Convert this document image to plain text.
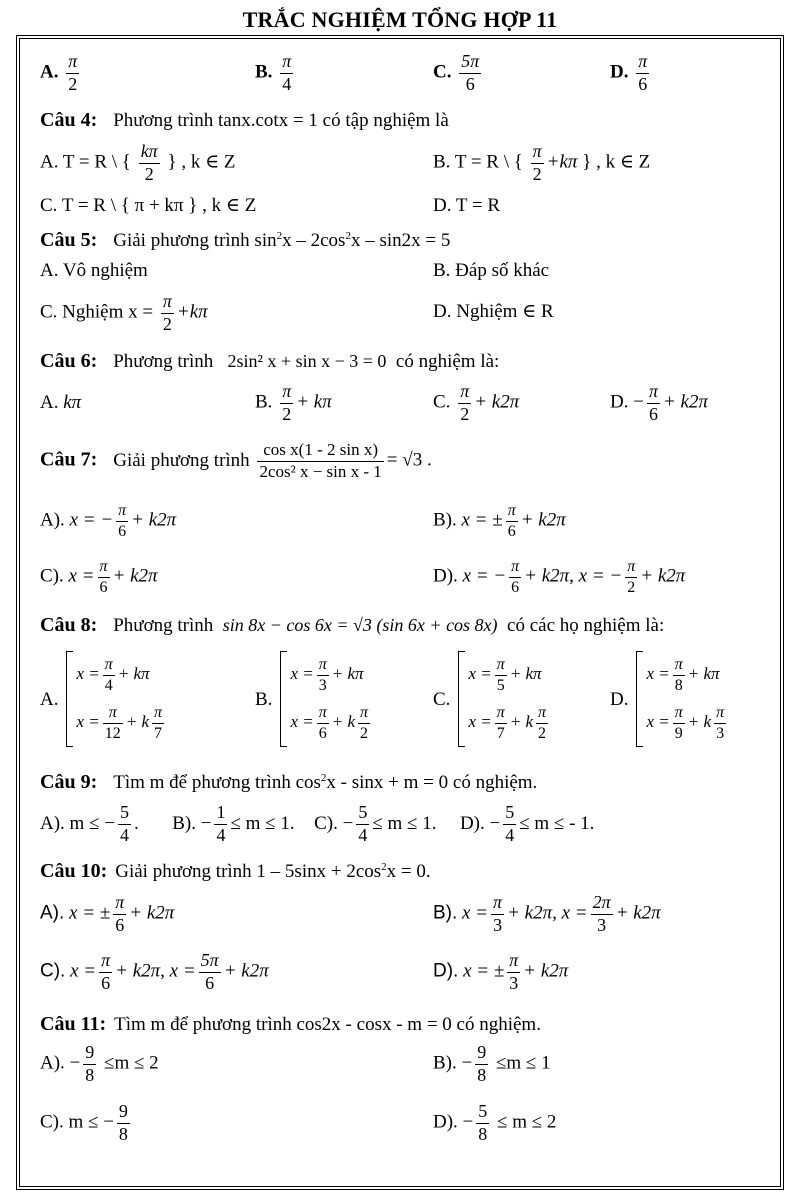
TRẮC NGHIỆM TỔNG HỢP 11
A. $\frac{\pi}{2}$	B. $\frac{\pi}{4}$	C. $\frac{5\pi}{6}$	D. $\frac{\pi}{6}$
Câu 4: Phương trình tanx.cotx = 1 có tập nghiệm là
A. T = R \ { $\frac{k\pi}{2}$ } , k ∈ Z	B. T = R \ { $\frac{\pi}{2} +k\pi$ } , k ∈ Z
C. T = R \ { π + kπ } , k ∈ Z	D. T = R
Câu 5: Giải phương trình $\sin^2x - 2\cos^2x - \sin 2x = 5$
A. Vô nghiệm	B. Đáp số khác
C. Nghiệm $x = \frac{\pi}{2} +k\pi$	D. Nghiệm ∈ R
Câu 6: Phương trình 2sin² x + sin x − 3 = 0 có nghiệm là:
A. kπ	B. $\frac{\pi}{2} + k\pi$	C. $\frac{\pi}{2} + k2\pi$	D. − $\frac{\pi}{6} + k2\pi$
Câu 7: Giải phương trình $\frac{\text{cos x(1 - 2 sin x)}}{\text{2cos² x − sin x - 1}} = √3$ .
A). x = − $\frac{\pi}{6} + k2\pi$	B). x = ± $\frac{\pi}{6} + k2\pi$
C). $x = \frac{\pi}{6} + k2\pi$	D). x = − $\frac{\pi}{6} + k2\pi$, x = − $\frac{\pi}{2} + k2\pi$
Câu 8: Phương trình sin 8x − cos 6x = √3 (sin 6x + cos 8x) có các họ nghiệm là:
A.
$x = \frac{\pi}{4} + k\pi$
$x = \frac{\pi}{12} + k \frac{\pi}{7}$
B.
$x = \frac{\pi}{3} + k\pi$
$x = \frac{\pi}{6} + k \frac{\pi}{2}$
C.
$x = \frac{\pi}{5} + k\pi$
$x = \frac{\pi}{7} + k \frac{\pi}{2}$
D.
$x = \frac{\pi}{8} + k\pi$
$x = \frac{\pi}{9} + k \frac{\pi}{3}$
Câu 9: Tìm m để phương trình $\cos^2x - \sin x + m = 0$ có nghiệm.
A). m ≤ − $\frac{5}{4}$ . B). − $\frac{1}{4} \le m \le 1$. C). − $\frac{5}{4} \le m \le 1$. D). − $\frac{5}{4} \le m$ ≤ - 1.
Câu 10: Giải phương trình $1 - 5\sin x + 2\cos^2x = 0$.
A). x = ± $\frac{\pi}{6} + k2\pi$	B). $x = \frac{\pi}{3} + k2\pi$, $x = \frac{2\pi}{3} + k2\pi$
C). $x = \frac{\pi}{6} + k2\pi$, $x = \frac{5\pi}{6} + k2\pi$	D). x = ± $\frac{\pi}{3} + k2\pi$
Câu 11: Tìm m để phương trình cos2x - cosx - m = 0 có nghiệm.
A). − $\frac{9}{8} \le m \le 2$	B). − $\frac{9}{8} \le m \le 1$
C). m ≤ − $\frac{9}{8}$	D). − $\frac{5}{8} \le m \le 2$
